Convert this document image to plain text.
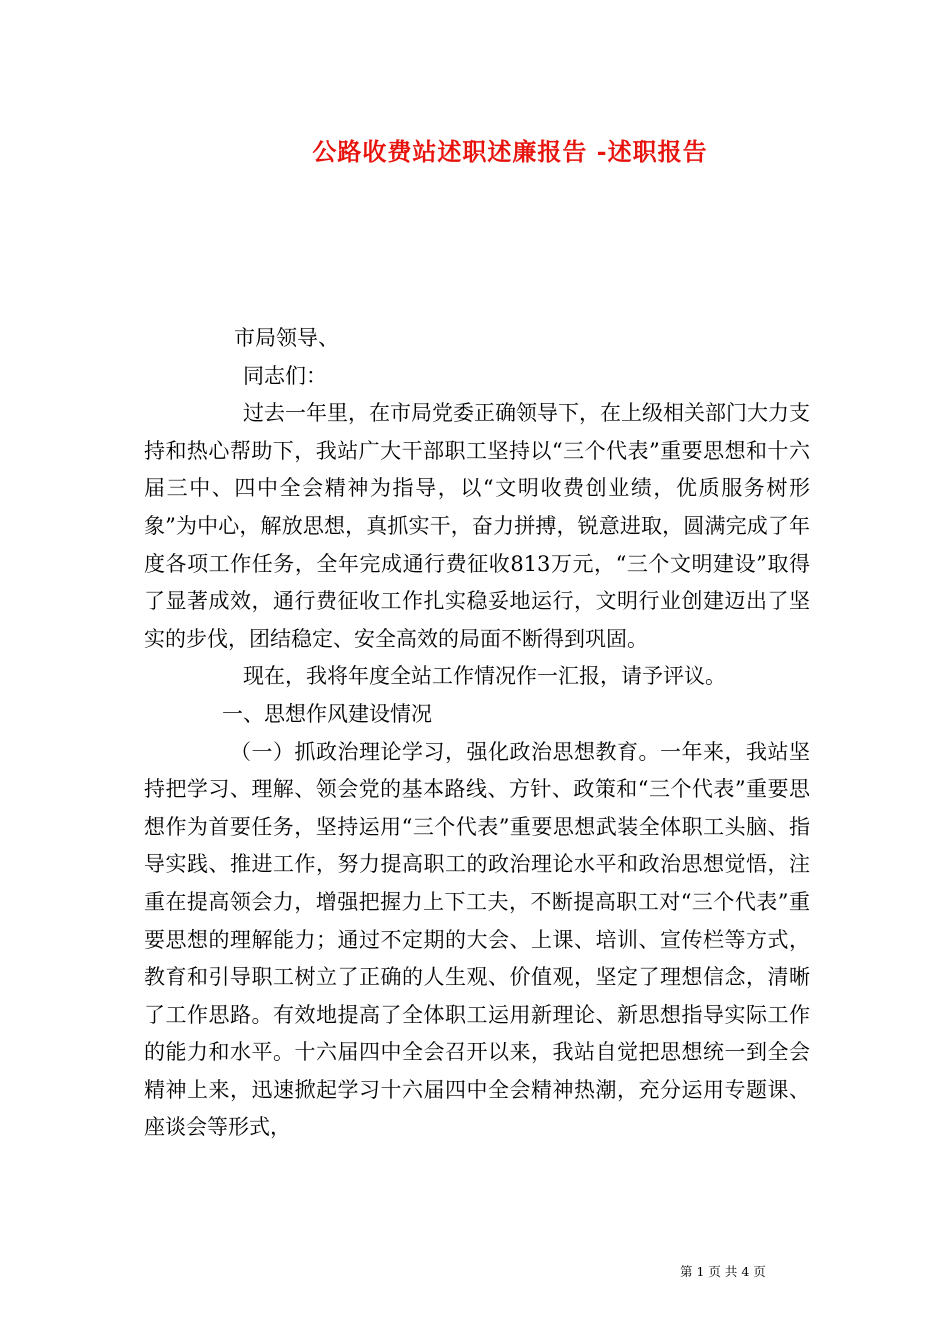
公路收费站述职述廉报告 -述职报告

市局领导、

同志们：

过去一年里，在市局党委正确领导下，在上级相关部门大力支持和热心帮助下，我站广大干部职工坚持以“三个代表”重要思想和十六届三中、四中全会精神为指导，以“文明收费创业绩，优质服务树形象”为中心，解放思想，真抓实干，奋力拼搏，锐意进取，圆满完成了年度各项工作任务，全年完成通行费征收813万元，“三个文明建设”取得了显著成效，通行费征收工作扎实稳妥地运行，文明行业创建迈出了坚实的步伐，团结稳定、安全高效的局面不断得到巩固。

现在，我将年度全站工作情况作一汇报，请予评议。

一、思想作风建设情况

（一）抓政治理论学习，强化政治思想教育。一年来，我站坚持把学习、理解、领会党的基本路线、方针、政策和“三个代表”重要思想作为首要任务，坚持运用“三个代表”重要思想武装全体职工头脑、指导实践、推进工作，努力提高职工的政治理论水平和政治思想觉悟，注重在提高领会力，增强把握力上下工夫，不断提高职工对“三个代表”重要思想的理解能力；通过不定期的大会、上课、培训、宣传栏等方式，教育和引导职工树立了正确的人生观、价值观，坚定了理想信念，清晰了工作思路。有效地提高了全体职工运用新理论、新思想指导实际工作的能力和水平。十六届四中全会召开以来，我站自觉把思想统一到全会精神上来，迅速掀起学习十六届四中全会精神热潮，充分运用专题课、座谈会等形式，

第 1 页 共 4 页
